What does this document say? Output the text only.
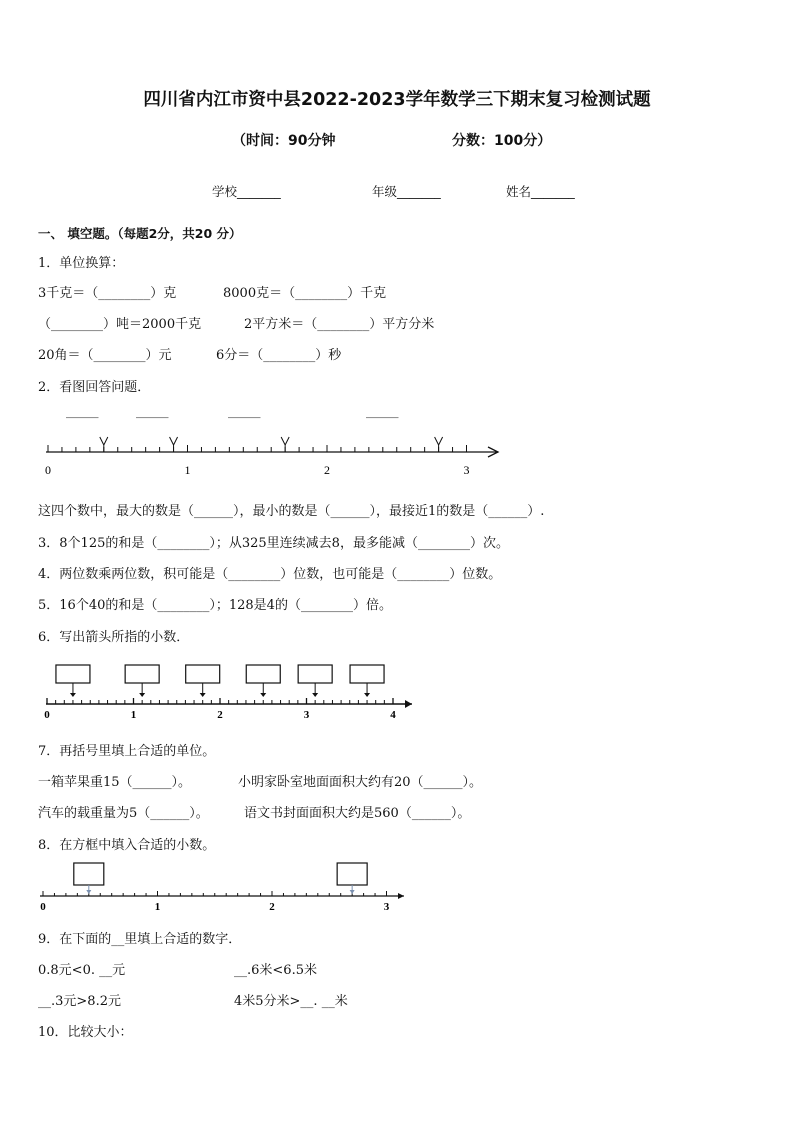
四川省内江市资中县2022-2023学年数学三下期末复习检测试题
（时间：90分钟	分数：100分）
学校_______	年级_______	姓名_______
一、 填空题。（每题2分，共20 分）
1．单位换算：
3千克＝（________）克	8000克＝（________）千克
（________）吨＝2000千克	2平方米＝（________）平方分米
20角＝（________）元	6分＝（________）秒
2．看图回答问题．
_____	_____	_____	_____
0	1	2	3
这四个数中，最大的数是（______），最小的数是（______），最接近1的数是（______）.
3．8个125的和是（________）；从325里连续减去8，最多能减（________）次。
4．两位数乘两位数，积可能是（________）位数，也可能是（________）位数。
5．16个40的和是（________）；128是4的（________）倍。
6．写出箭头所指的小数．
0	1	2	3	4
7．再括号里填上合适的单位。
一箱苹果重15（______）。	小明家卧室地面面积大约有20（______）。
汽车的载重量为5（______）。	语文书封面面积大约是560（______）。
8．在方框中填入合适的小数。
0	1	2	3
9．在下面的__里填上合适的数字．
0.8元<0. __元	__.6米<6.5米
__.3元>8.2元	4米5分米>__. __米
10．比较大小：
